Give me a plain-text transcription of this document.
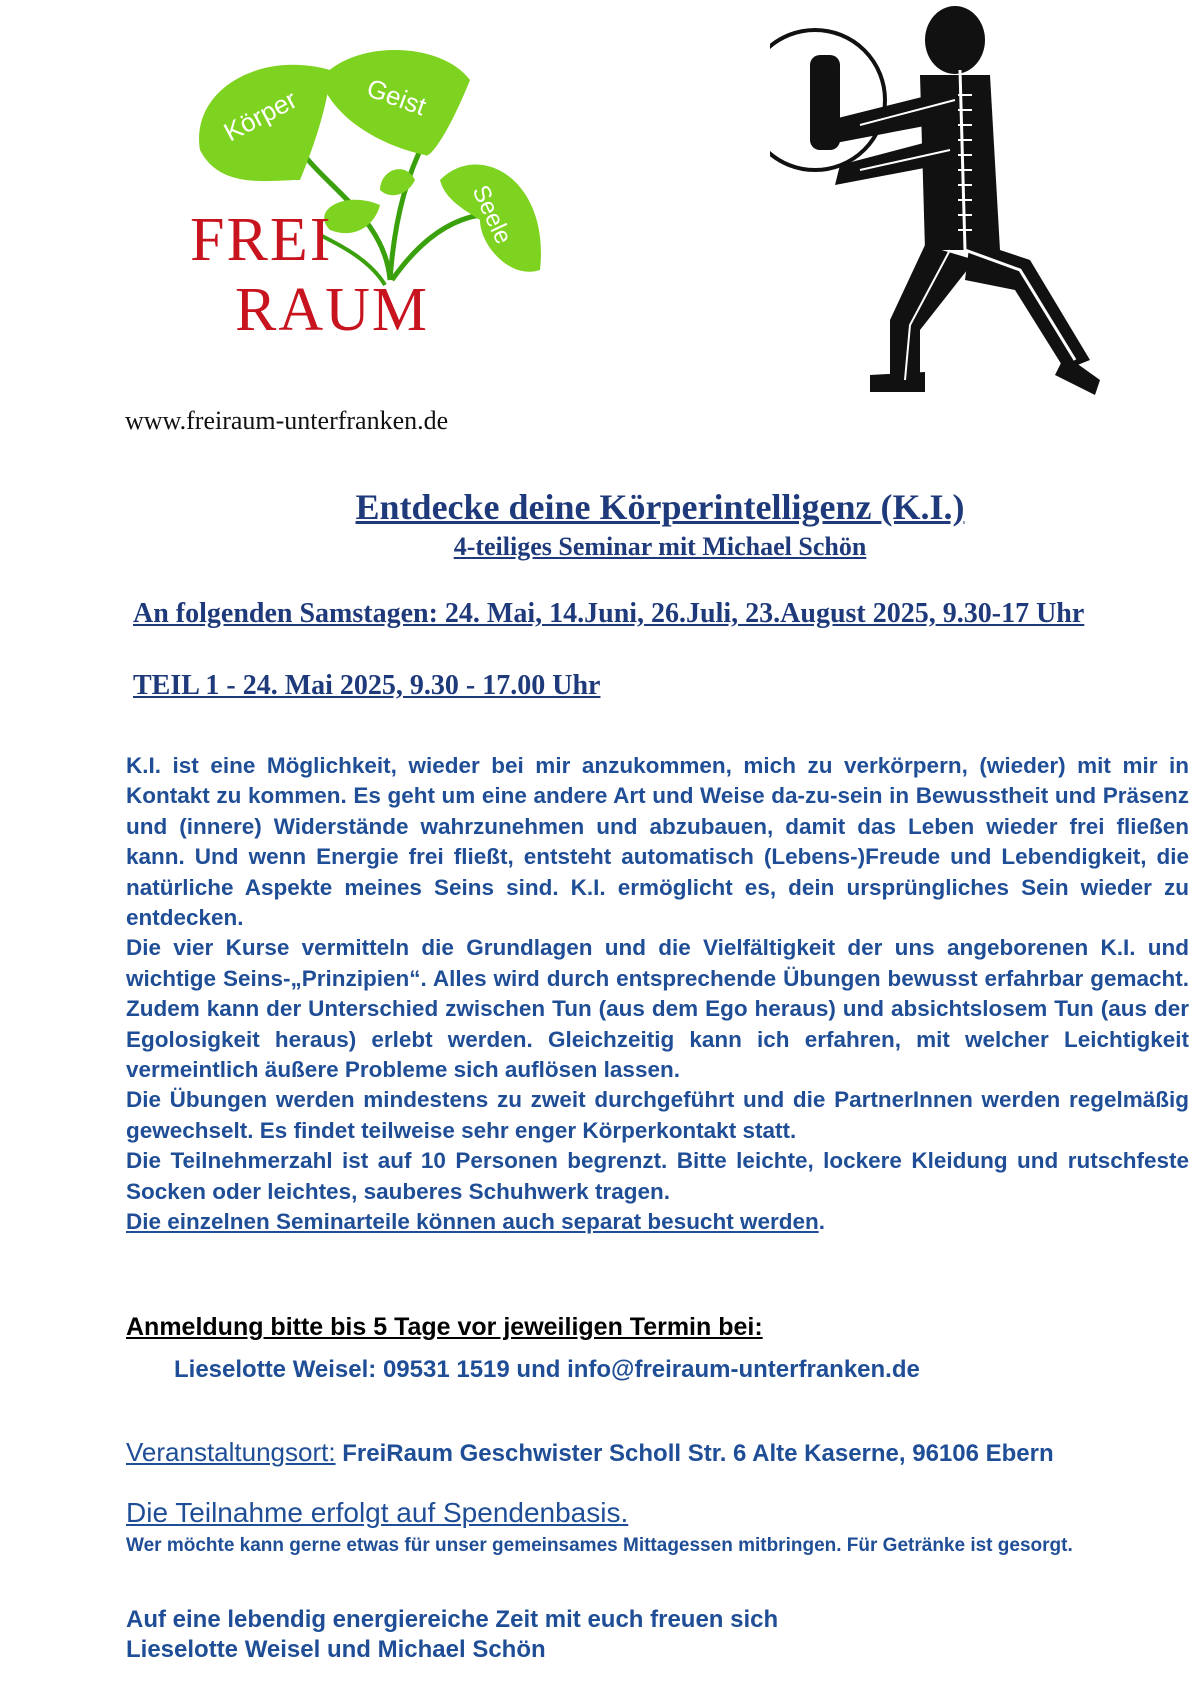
Körper Geist
Seele
FREI
RAUM
www.freiraum-unterfranken.de
Entdecke deine Körperintelligenz (K.I.)
4-teiliges Seminar mit Michael Schön
An folgenden Samstagen: 24. Mai, 14.Juni, 26.Juli, 23.August 2025, 9.30-17 Uhr
TEIL 1 - 24. Mai 2025, 9.30 - 17.00 Uhr

K.I. ist eine Möglichkeit, wieder bei mir anzukommen, mich zu verkörpern, (wieder) mit mir in Kontakt zu kommen. Es geht um eine andere Art und Weise da-zu-sein in Bewusstheit und Präsenz und (innere) Widerstände wahrzunehmen und abzubauen, damit das Leben wieder frei fließen kann. Und wenn Energie frei fließt, entsteht automatisch (Lebens-)Freude und Lebendigkeit, die natürliche Aspekte meines Seins sind. K.I. ermöglicht es, dein ursprüngliches Sein wieder zu entdecken.

Die vier Kurse vermitteln die Grundlagen und die Vielfältigkeit der uns angeborenen K.I. und wichtige Seins-„Prinzipien“. Alles wird durch entsprechende Übungen bewusst erfahrbar gemacht. Zudem kann der Unterschied zwischen Tun (aus dem Ego heraus) und absichtslosem Tun (aus der Egolosigkeit heraus) erlebt werden. Gleichzeitig kann ich erfahren, mit welcher Leichtigkeit vermeintlich äußere Probleme sich auflösen lassen.

Die Übungen werden mindestens zu zweit durchgeführt und die PartnerInnen werden regelmäßig gewechselt. Es findet teilweise sehr enger Körperkontakt statt.

Die Teilnehmerzahl ist auf 10 Personen begrenzt. Bitte leichte, lockere Kleidung und rutschfeste Socken oder leichtes, sauberes Schuhwerk tragen.

Die einzelnen Seminarteile können auch separat besucht werden.

Anmeldung bitte bis 5 Tage vor jeweiligen Termin bei:
Lieselotte Weisel: 09531 1519 und info@freiraum-unterfranken.de
Veranstaltungsort: FreiRaum Geschwister Scholl Str. 6 Alte Kaserne, 96106 Ebern
Die Teilnahme erfolgt auf Spendenbasis.
Wer möchte kann gerne etwas für unser gemeinsames Mittagessen mitbringen. Für Getränke ist gesorgt.
Auf eine lebendig energiereiche Zeit mit euch freuen sich
Lieselotte Weisel und Michael Schön
